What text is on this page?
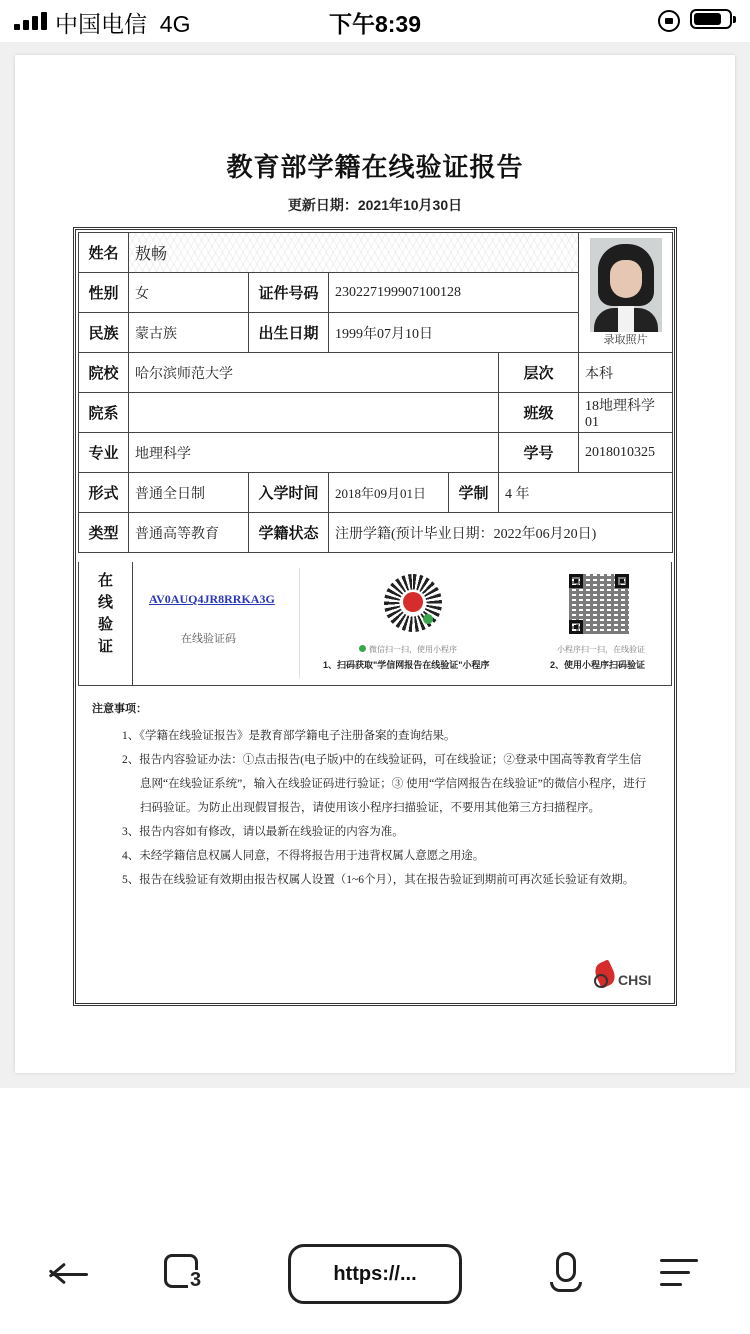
中国电信 4G	下午8:39
教育部学籍在线验证报告
更新日期：2021年10月30日
姓名	敖畅					录取照片

性别	女	证件号码	230227199907100128			
民族	蒙古族	出生日期	1999年07月10日			
院校	哈尔滨师范大学				层次	本科
院系					班级	18地理科学01
专业	地理科学				学号	2018010325
形式	普通全日制	入学时间	2018年09月01日	学制	4 年	
类型	普通高等教育	学籍状态	注册学籍(预计毕业日期：2022年06月20日)			
在
线
验
证
AV0AUQ4JR8RRKA3G
在线验证码
微信扫一扫，使用小程序
1、扫码获取"学信网报告在线验证"小程序
小程序扫一扫，在线验证
2、使用小程序扫码验证
注意事项：
1、《学籍在线验证报告》是教育部学籍电子注册备案的查询结果。
2、报告内容验证办法：①点击报告(电子版)中的在线验证码，可在线验证；②登录中国高等教育学生信息网“在线验证系统”，输入在线验证码进行验证；③ 使用“学信网报告在线验证”的微信小程序，进行扫码验证。为防止出现假冒报告，请使用该小程序扫描验证，不要用其他第三方扫描程序。
3、报告内容如有修改，请以最新在线验证的内容为准。
4、未经学籍信息权属人同意，不得将报告用于违背权属人意愿之用途。
5、报告在线验证有效期由报告权属人设置（1~6个月），其在报告验证到期前可再次延长验证有效期。
CHSI
3	https://...
